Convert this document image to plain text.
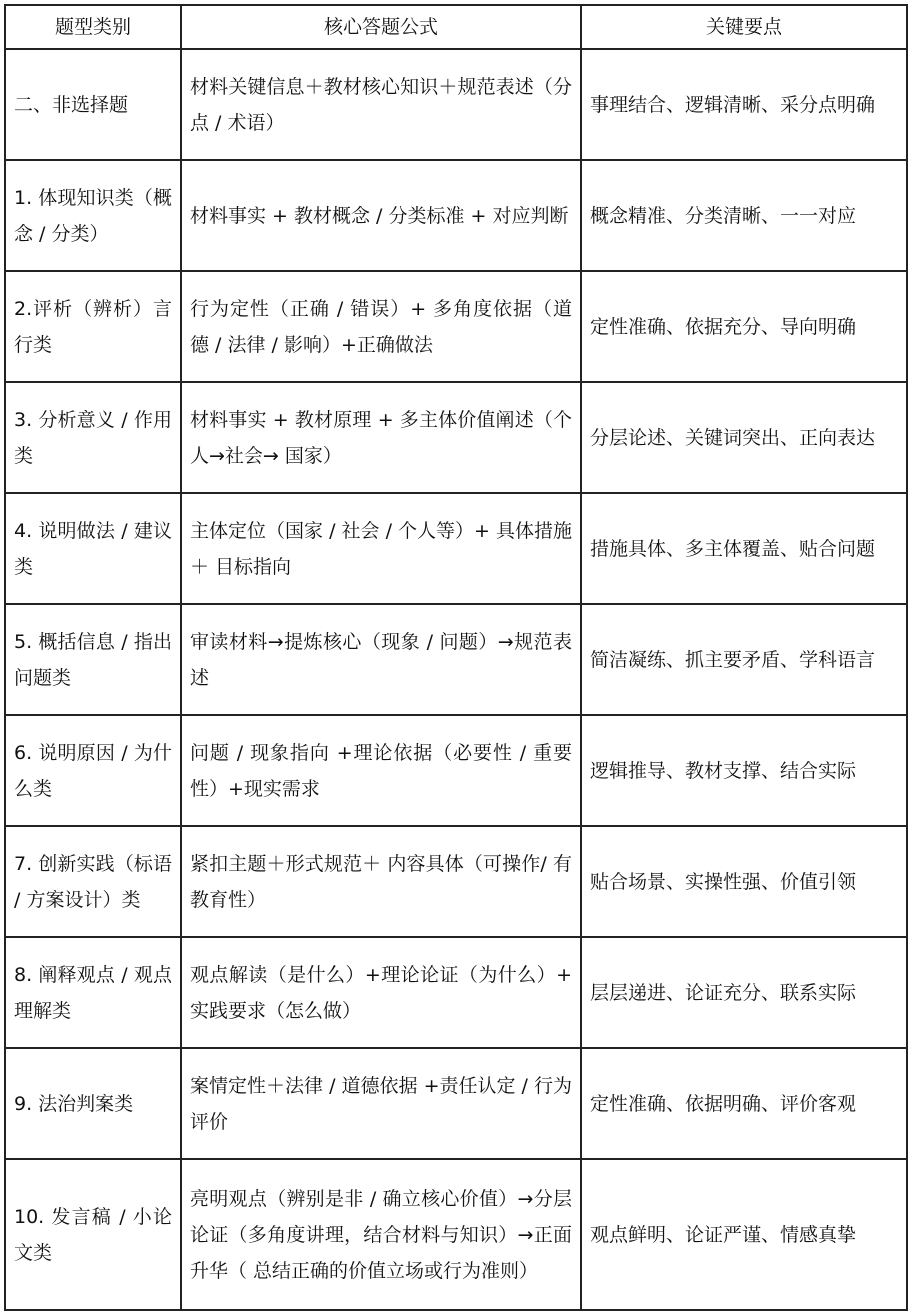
题型类别	核心答题公式	关键要点
二、非选择题	材料关键信息＋教材核心知识＋规范表述（分点 / 术语）	事理结合、逻辑清晰、采分点明确
1. 体现知识类（概念 / 分类）	材料事实 + 教材概念 / 分类标准 + 对应判断	概念精准、分类清晰、一一对应
2.评析（辨析）言行类	行为定性（正确 / 错误）+ 多角度依据（道德 / 法律 / 影响）+正确做法	定性准确、依据充分、导向明确
3. 分析意义 / 作用类	材料事实 + 教材原理 + 多主体价值阐述（个人→社会→ 国家）	分层论述、关键词突出、正向表达
4. 说明做法 / 建议类	主体定位（国家 / 社会 / 个人等）+ 具体措施＋ 目标指向	措施具体、多主体覆盖、贴合问题
5. 概括信息 / 指出问题类	审读材料→提炼核心（现象 / 问题）→规范表述	简洁凝练、抓主要矛盾、学科语言
6. 说明原因 / 为什么类	问题 / 现象指向 +理论依据（必要性 / 重要性）+现实需求	逻辑推导、教材支撑、结合实际
7. 创新实践（标语 / 方案设计）类	紧扣主题＋形式规范＋ 内容具体（可操作/ 有教育性）	贴合场景、实操性强、价值引领
8. 阐释观点 / 观点理解类	观点解读（是什么）+理论论证（为什么）+ 实践要求（怎么做）	层层递进、论证充分、联系实际
9. 法治判案类	案情定性＋法律 / 道德依据 +责任认定 / 行为评价	定性准确、依据明确、评价客观
10. 发言稿 / 小论文类	亮明观点（辨别是非 / 确立核心价值）→分层论证（多角度讲理，结合材料与知识）→正面升华（ 总结正确的价值立场或行为准则）	观点鲜明、论证严谨、情感真挚
